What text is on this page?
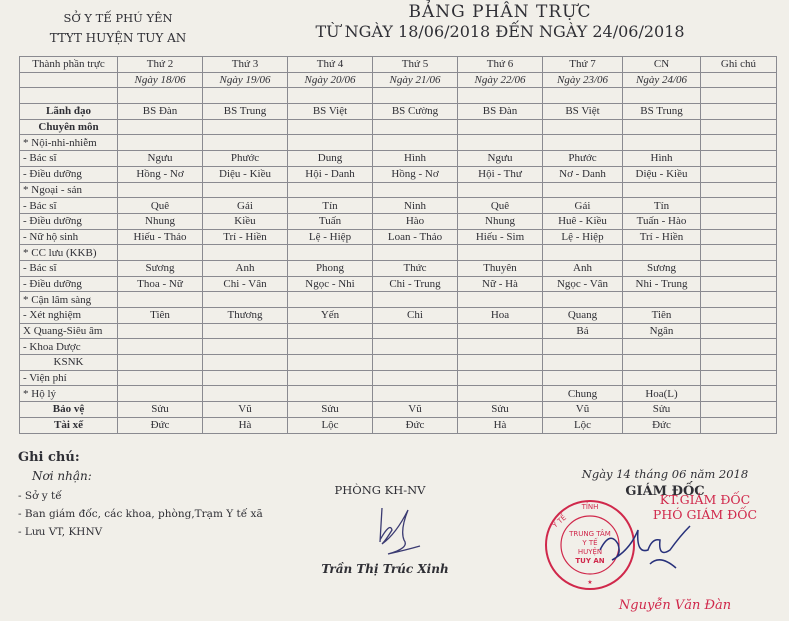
SỞ Y TẾ PHÚ YÊN
TTYT HUYỆN TUY AN
BẢNG PHÂN TRỰC
TỪ NGÀY 18/06/2018 ĐẾN NGÀY 24/06/2018
Thành phần trực	Thứ 2	Thứ 3	Thứ 4	Thứ 5	Thứ 6	Thứ 7	CN	Ghi chú
	Ngày 18/06	Ngày 19/06	Ngày 20/06	Ngày 21/06	Ngày 22/06	Ngày 23/06	Ngày 24/06	

Lãnh đạo	BS Đàn	BS Trung	BS Việt	BS Cường	BS Đàn	BS Việt	BS Trung	
Chuyên môn								
* Nội-nhi-nhiễm								
- Bác sĩ	Ngưu	Phước	Dung	Hình	Ngưu	Phước	Hình	
- Điều dưỡng	Hồng - Nơ	Diệu - Kiều	Hội - Danh	Hồng - Nơ	Hội - Thư	Nơ - Danh	Diệu - Kiều	
* Ngoại - sản								
- Bác sĩ	Quê	Gái	Tín	Ninh	Quê	Gái	Tín	
- Điều dưỡng	Nhung	Kiều	Tuấn	Hào	Nhung	Huê - Kiều	Tuấn - Hào	
- Nữ hộ sinh	Hiếu - Thảo	Trí - Hiền	Lệ - Hiệp	Loan - Thảo	Hiếu - Sim	Lệ - Hiệp	Trí - Hiền	
* CC lưu (KKB)								
- Bác sĩ	Sương	Anh	Phong	Thức	Thuyên	Anh	Sương	
- Điều dưỡng	Thoa - Nữ	Chi - Vân	Ngọc - Nhi	Chi - Trung	Nữ - Hà	Ngọc - Vân	Nhi - Trung	
* Cận lâm sàng								
- Xét nghiệm	Tiên	Thương	Yến	Chi	Hoa	Quang	Tiên	
X Quang-Siêu âm						Bá	Ngân	
- Khoa Dược								
KSNK								
- Viện phí								
* Hộ lý						Chung	Hoa(L)	
Bảo vệ	Sửu	Vũ	Sửu	Vũ	Sửu	Vũ	Sửu	
Tài xế	Đức	Hà	Lộc	Đức	Hà	Lộc	Đức	
Ghi chú:
Nơi nhận:
- Sở y tế
- Ban giám đốc, các khoa, phòng,Trạm Y tế xã
- Lưu VT, KHNV
PHÒNG KH-NV
Trần Thị Trúc Xinh
Ngày 14 tháng 06 năm 2018
GIÁM ĐỐC
KT.GIÁM ĐỐC
PHÓ GIÁM ĐỐC
TỈNH
Y TẾ
TRUNG TÂM
Y TẾ
HUYỆN
TUY AN
★
Nguyễn Văn Đàn
